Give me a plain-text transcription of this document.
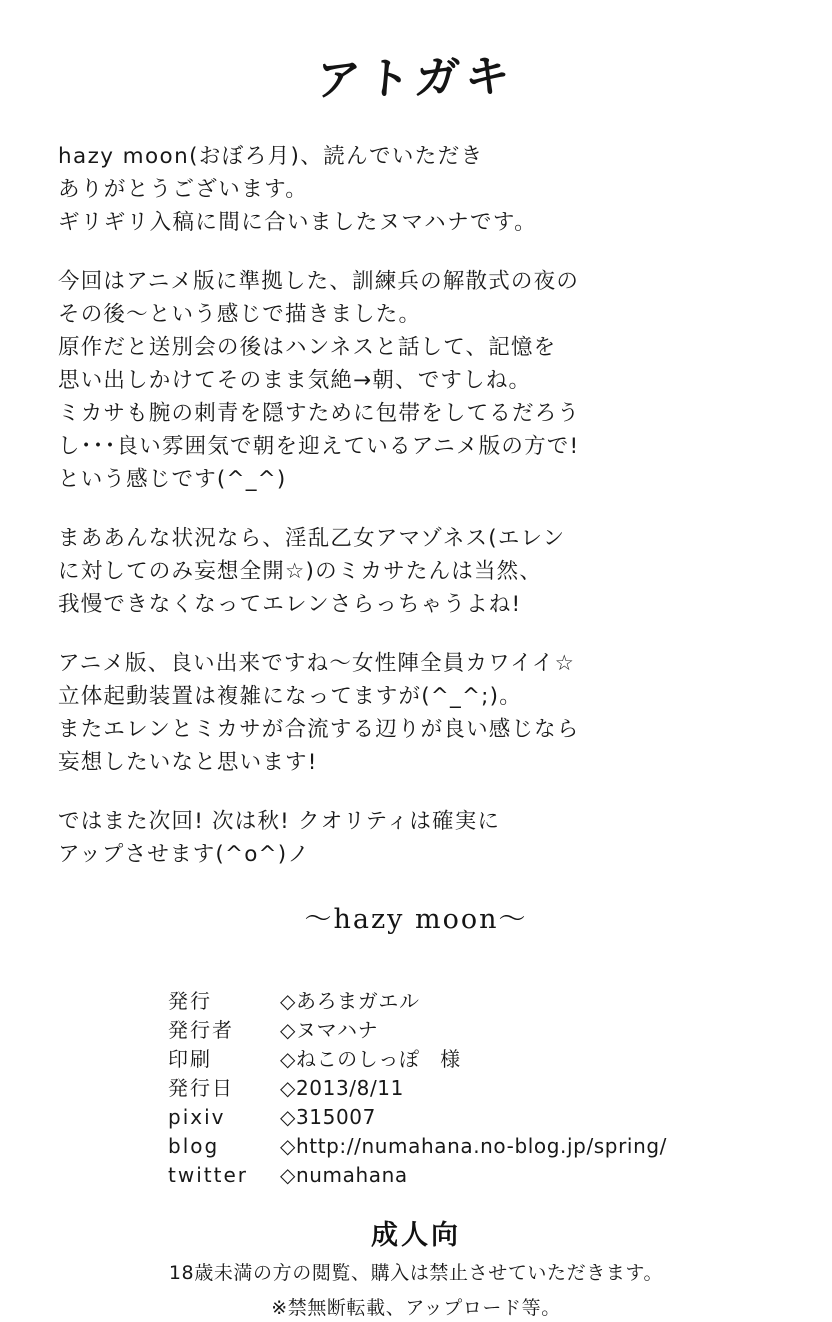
アトガキ
hazy moon(おぼろ月)、読んでいただき
ありがとうございます。
ギリギリ入稿に間に合いましたヌマハナです。
今回はアニメ版に準拠した、訓練兵の解散式の夜の
その後～という感じで描きました。
原作だと送別会の後はハンネスと話して、記憶を
思い出しかけてそのまま気絶→朝、ですしね。
ミカサも腕の刺青を隠すために包帯をしてるだろう
し･･･良い雰囲気で朝を迎えているアニメ版の方で!
という感じです(^_^)
まああんな状況なら、淫乱乙女アマゾネス(エレン
に対してのみ妄想全開☆)のミカサたんは当然、
我慢できなくなってエレンさらっちゃうよね!
アニメ版、良い出来ですね～女性陣全員カワイイ☆
立体起動装置は複雑になってますが(^_^;)。
またエレンとミカサが合流する辺りが良い感じなら
妄想したいなと思います!
ではまた次回! 次は秋! クオリティは確実に
アップさせます(^o^)ノ
～hazy moon～
発行	◇あろまガエル
発行者	◇ヌマハナ
印刷	◇ねこのしっぽ　様
発行日	◇2013/8/11
pixiv	◇315007
blog	◇http://numahana.no-blog.jp/spring/
twitter	◇numahana
成人向
18歳未満の方の閲覧、購入は禁止させていただきます。
※禁無断転載、アップロード等。
